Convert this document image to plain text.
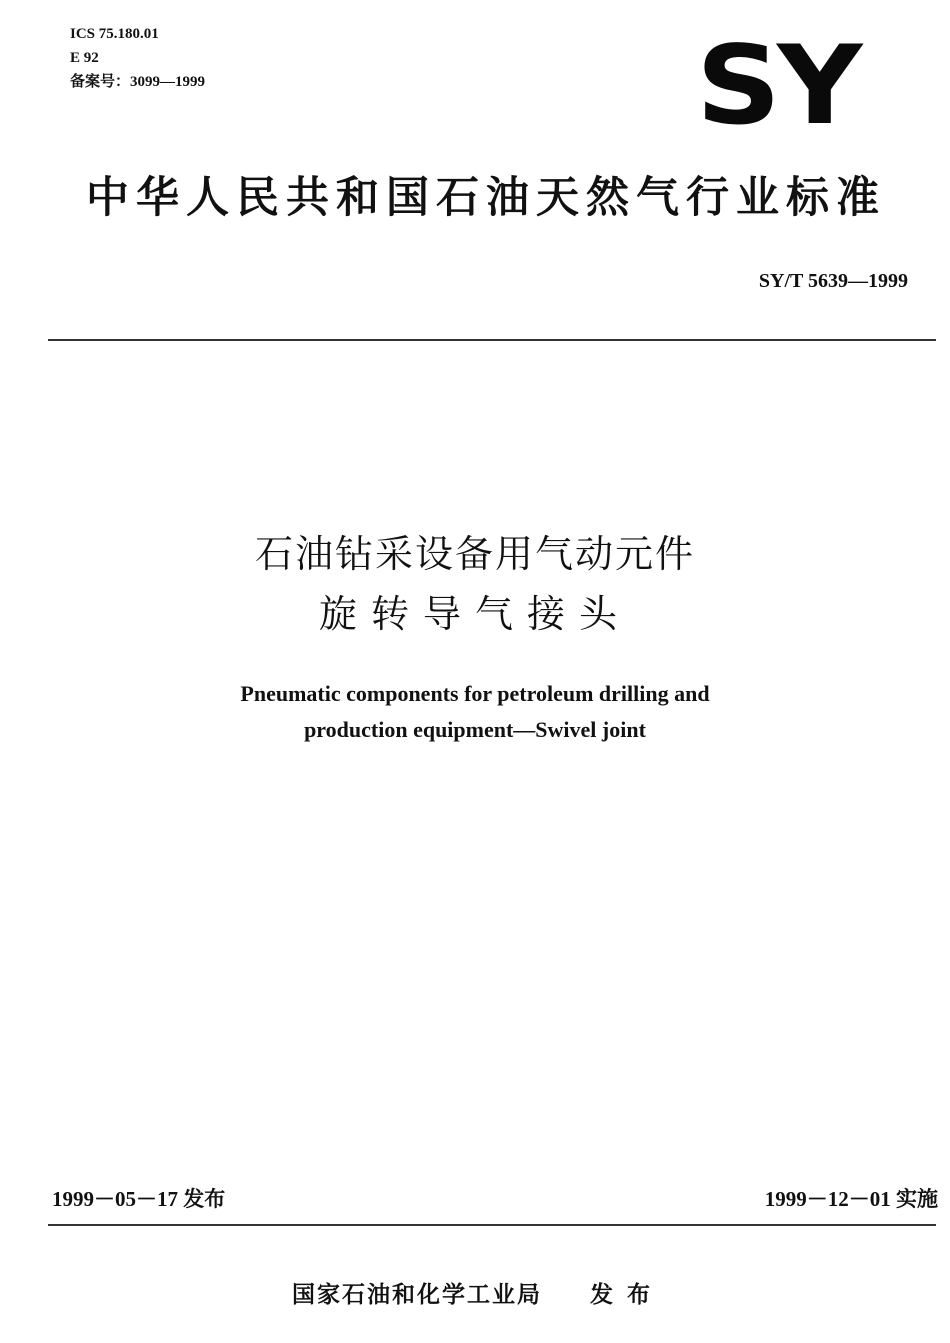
ICS 75.180.01
E 92
备案号：3099—1999	SY
中华人民共和国石油天然气行业标准
SY/T 5639—1999
石油钻采设备用气动元件
旋转导气接头
Pneumatic components for petroleum drilling and
production equipment—Swivel joint
1999－05－17 发布	1999－12－01 实施
国家石油和化学工业局 发布
